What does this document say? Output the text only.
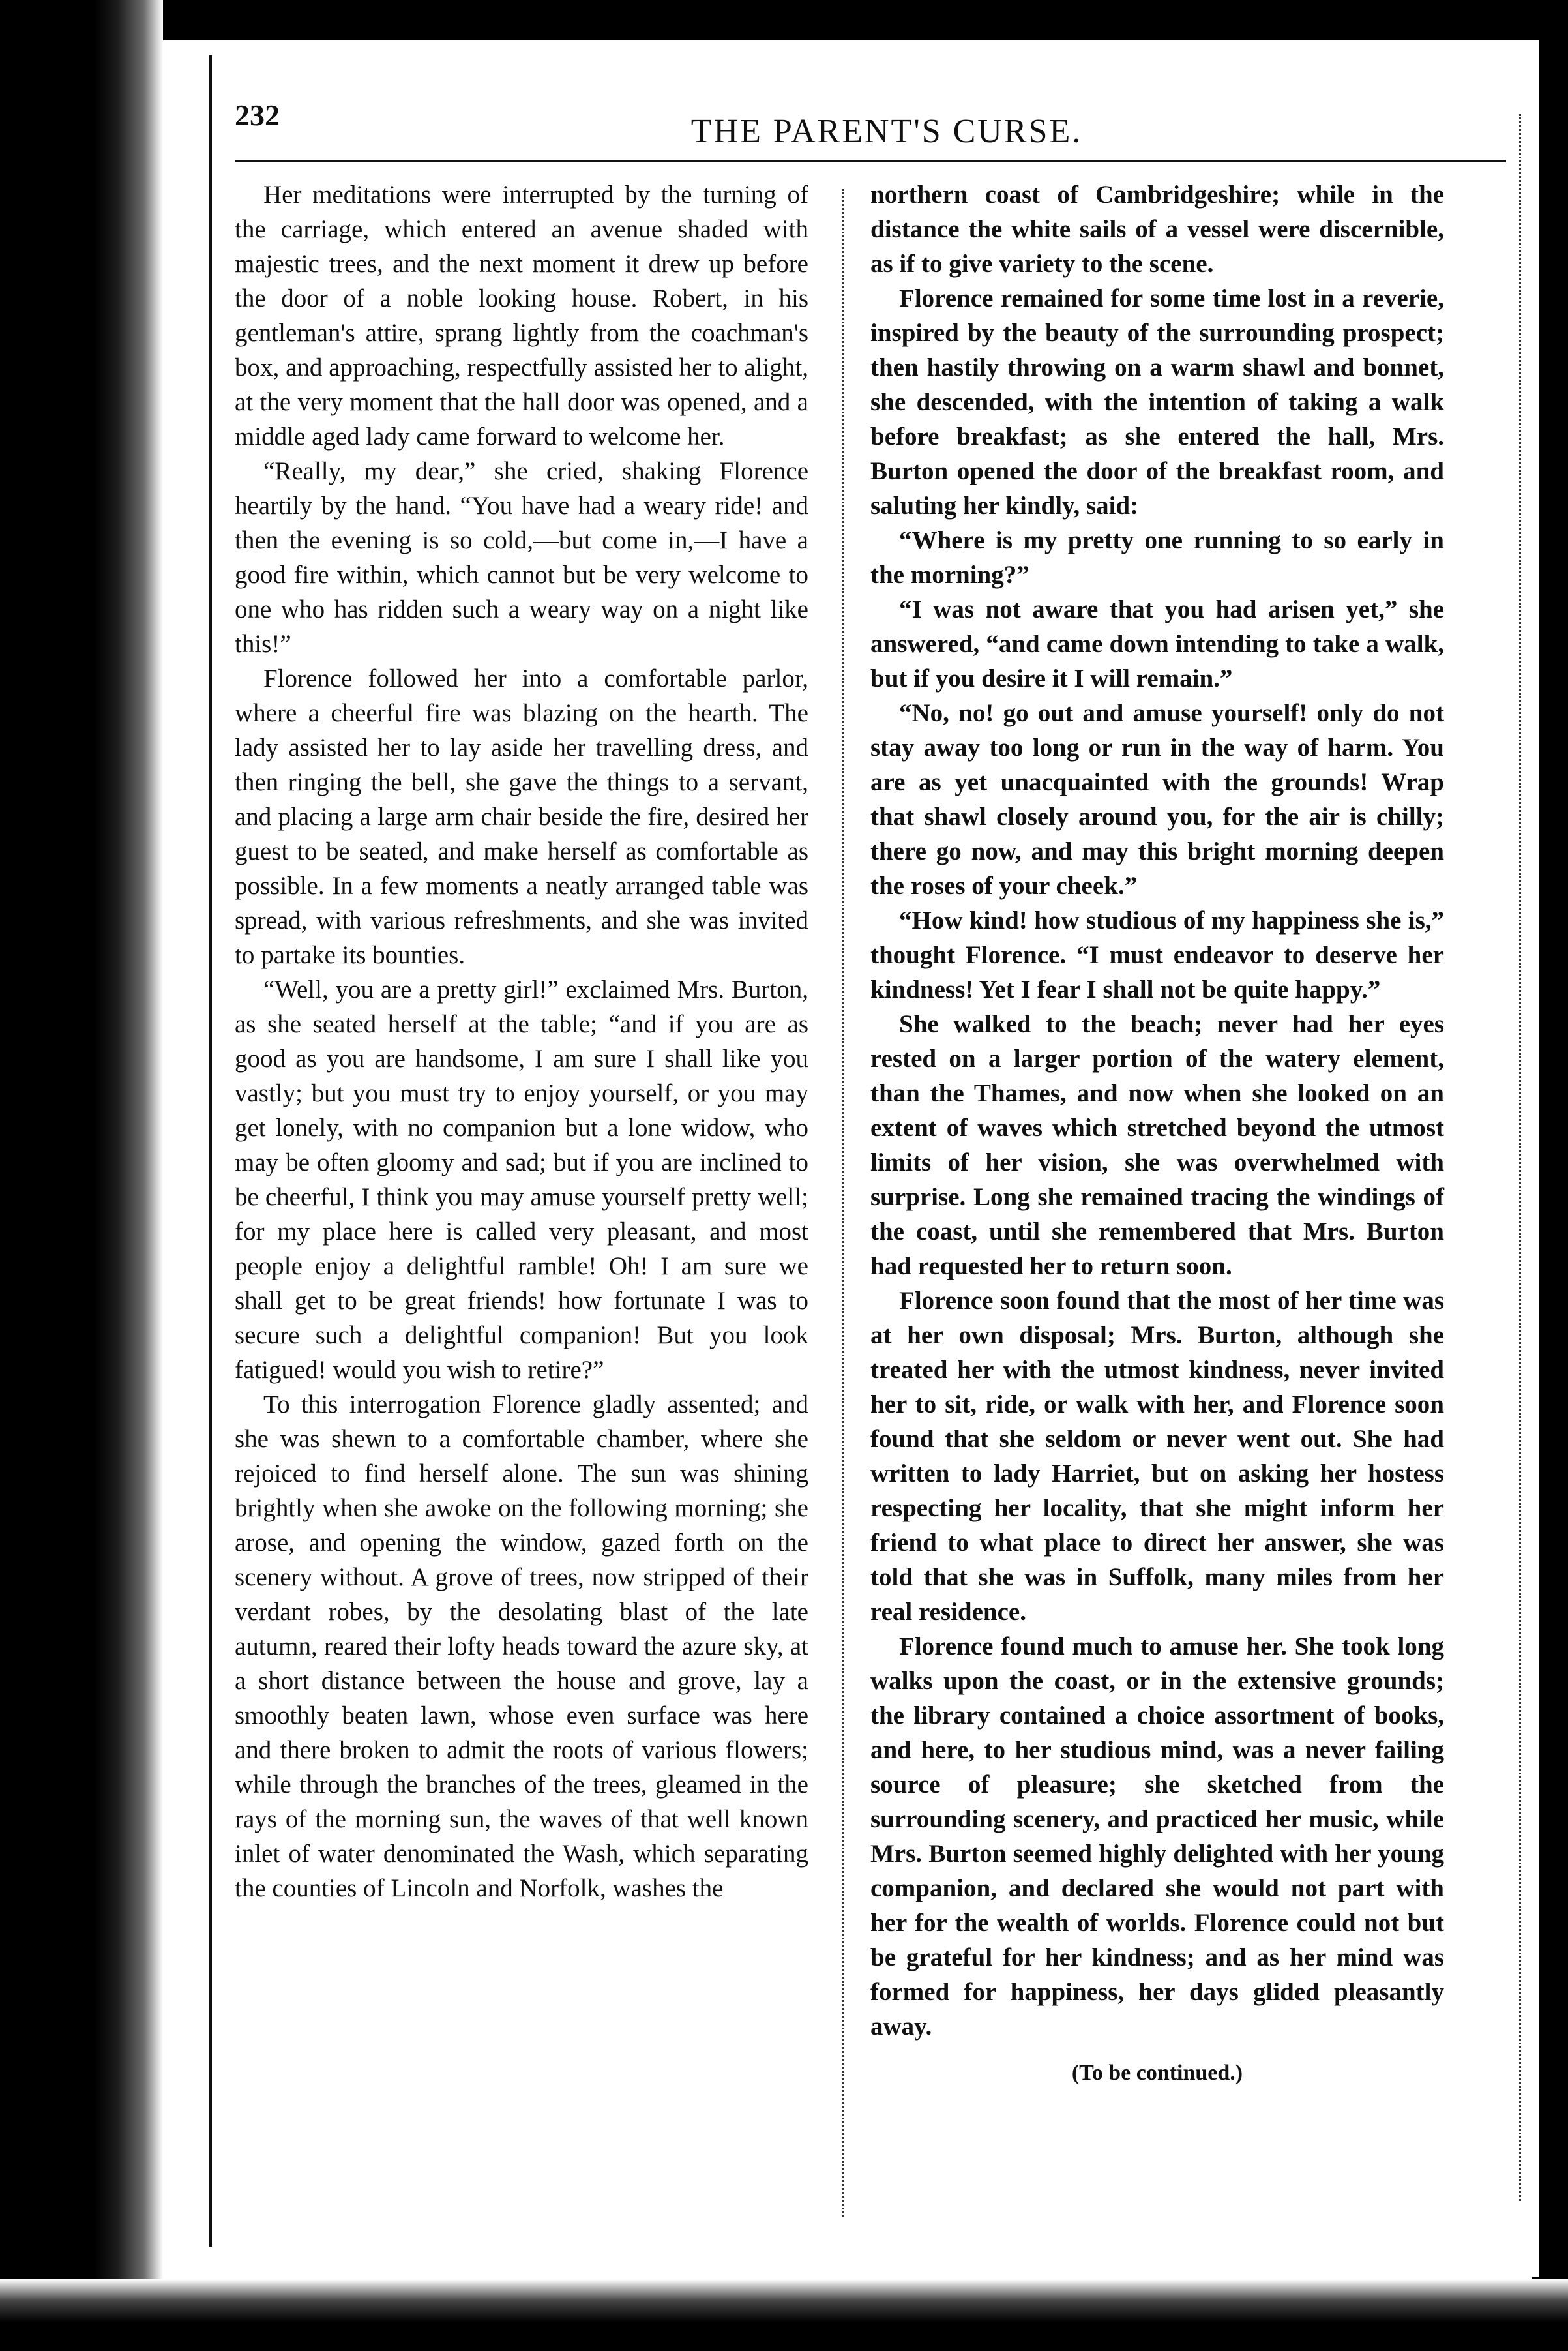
232	THE PARENT'S CURSE.

Her meditations were interrupted by the turning of the carriage, which entered an avenue shaded with majestic trees, and the next moment it drew up before the door of a noble looking house. Robert, in his gentleman's attire, sprang lightly from the coachman's box, and approaching, respectfully assisted her to alight, at the very moment that the hall door was opened, and a middle aged lady came forward to welcome her.

“Really, my dear,” she cried, shaking Florence heartily by the hand. “You have had a weary ride! and then the evening is so cold,—but come in,—I have a good fire within, which cannot but be very welcome to one who has ridden such a weary way on a night like this!”

Florence followed her into a comfortable parlor, where a cheerful fire was blazing on the hearth. The lady assisted her to lay aside her travelling dress, and then ringing the bell, she gave the things to a servant, and placing a large arm chair beside the fire, desired her guest to be seated, and make herself as comfortable as possible. In a few moments a neatly arranged table was spread, with various refreshments, and she was invited to partake its bounties.

“Well, you are a pretty girl!” exclaimed Mrs. Burton, as she seated herself at the table; “and if you are as good as you are handsome, I am sure I shall like you vastly; but you must try to enjoy yourself, or you may get lonely, with no companion but a lone widow, who may be often gloomy and sad; but if you are inclined to be cheerful, I think you may amuse yourself pretty well; for my place here is called very pleasant, and most people enjoy a delightful ramble! Oh! I am sure we shall get to be great friends! how fortunate I was to secure such a delightful companion! But you look fatigued! would you wish to retire?”

To this interrogation Florence gladly assented; and she was shewn to a comfortable chamber, where she rejoiced to find herself alone. The sun was shining brightly when she awoke on the following morning; she arose, and opening the window, gazed forth on the scenery without. A grove of trees, now stripped of their verdant robes, by the desolating blast of the late autumn, reared their lofty heads toward the azure sky, at a short distance between the house and grove, lay a smoothly beaten lawn, whose even surface was here and there broken to admit the roots of various flowers; while through the branches of the trees, gleamed in the rays of the morning sun, the waves of that well known inlet of water denominated the Wash, which separating the counties of Lincoln and Norfolk, washes the

northern coast of Cambridgeshire; while in the distance the white sails of a vessel were discernible, as if to give variety to the scene.

Florence remained for some time lost in a reverie, inspired by the beauty of the surrounding prospect; then hastily throwing on a warm shawl and bonnet, she descended, with the intention of taking a walk before breakfast; as she entered the hall, Mrs. Burton opened the door of the breakfast room, and saluting her kindly, said:

“Where is my pretty one running to so early in the morning?”

“I was not aware that you had arisen yet,” she answered, “and came down intending to take a walk, but if you desire it I will remain.”

“No, no! go out and amuse yourself! only do not stay away too long or run in the way of harm. You are as yet unacquainted with the grounds! Wrap that shawl closely around you, for the air is chilly; there go now, and may this bright morning deepen the roses of your cheek.”

“How kind! how studious of my happiness she is,” thought Florence. “I must endeavor to deserve her kindness! Yet I fear I shall not be quite happy.”

She walked to the beach; never had her eyes rested on a larger portion of the watery element, than the Thames, and now when she looked on an extent of waves which stretched beyond the utmost limits of her vision, she was overwhelmed with surprise. Long she remained tracing the windings of the coast, until she remembered that Mrs. Burton had requested her to return soon.

Florence soon found that the most of her time was at her own disposal; Mrs. Burton, although she treated her with the utmost kindness, never invited her to sit, ride, or walk with her, and Florence soon found that she seldom or never went out. She had written to lady Harriet, but on asking her hostess respecting her locality, that she might inform her friend to what place to direct her answer, she was told that she was in Suffolk, many miles from her real residence.

Florence found much to amuse her. She took long walks upon the coast, or in the extensive grounds; the library contained a choice assortment of books, and here, to her studious mind, was a never failing source of pleasure; she sketched from the surrounding scenery, and practiced her music, while Mrs. Burton seemed highly delighted with her young companion, and declared she would not part with her for the wealth of worlds. Florence could not but be grateful for her kindness; and as her mind was formed for happiness, her days glided pleasantly away.

(To be continued.)
